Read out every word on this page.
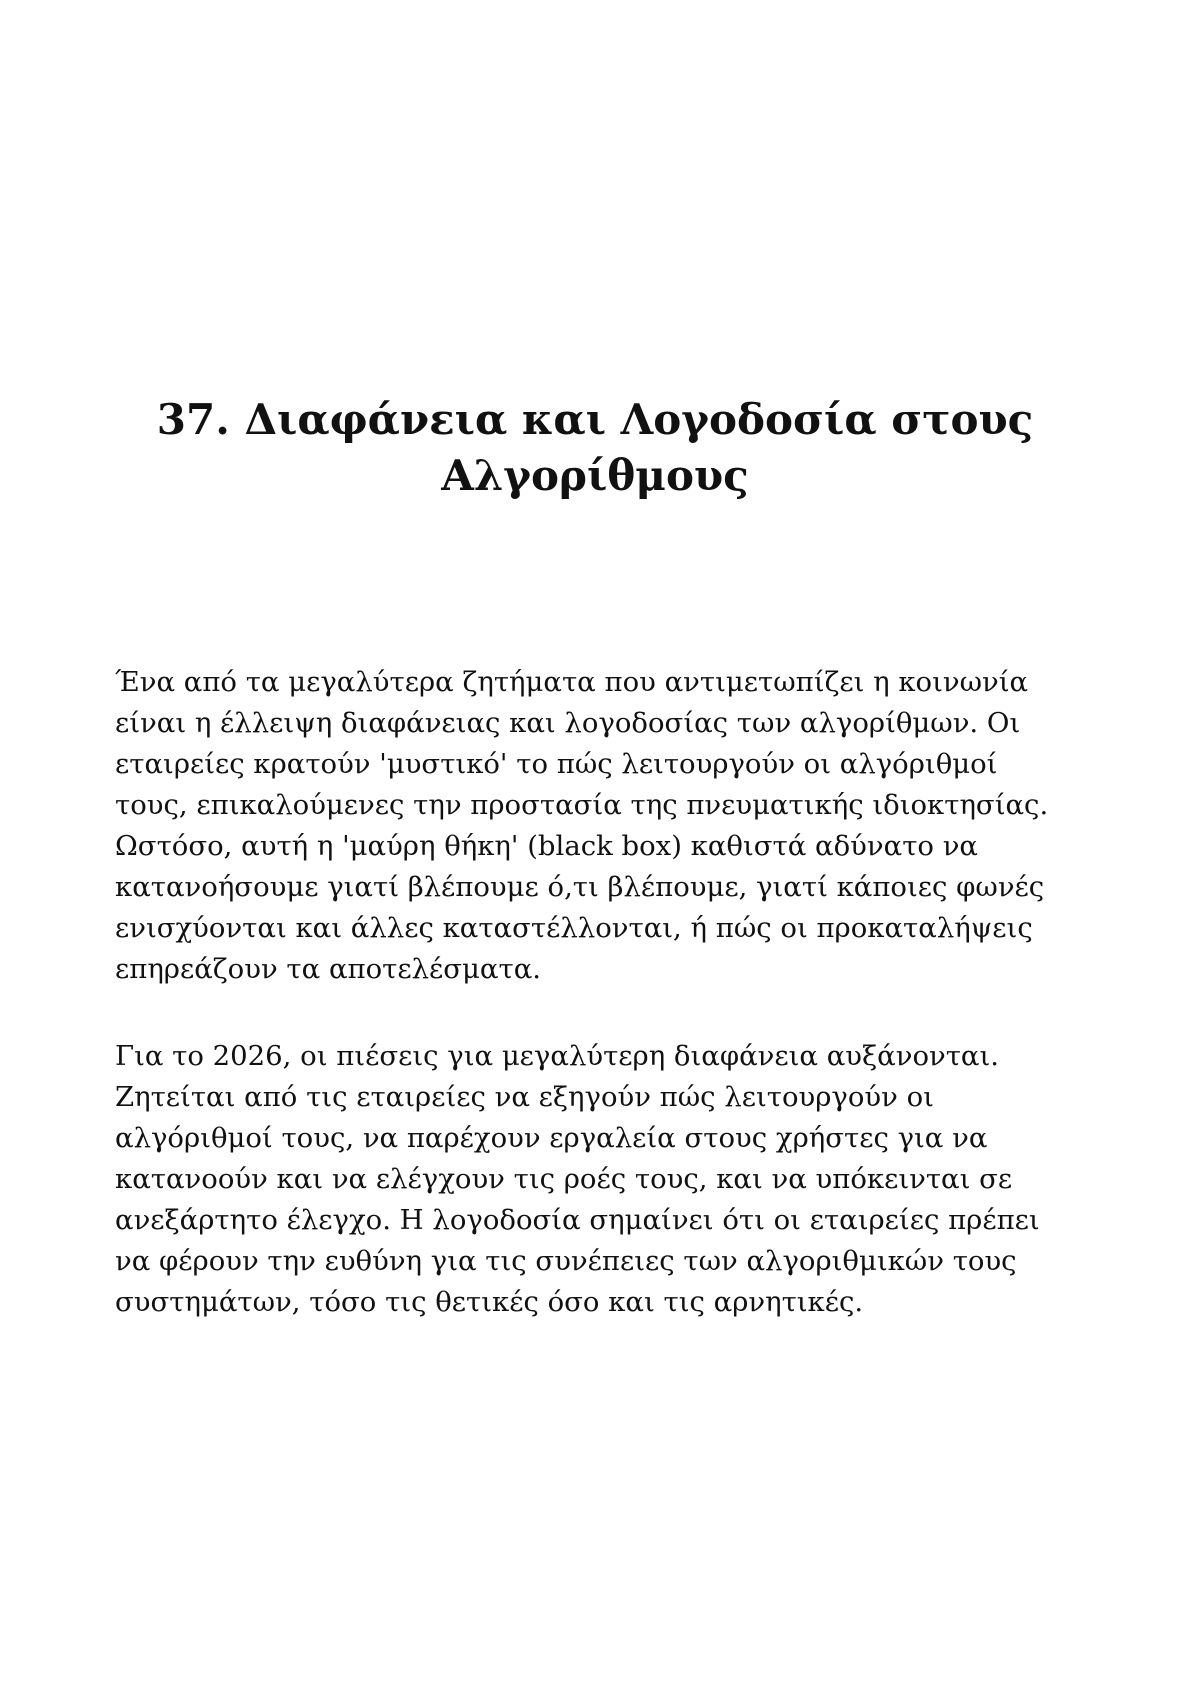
37. Διαφάνεια και Λογοδοσία στους Αλγορίθμους

Ένα από τα μεγαλύτερα ζητήματα που αντιμετωπίζει η κοινωνία είναι η έλλειψη διαφάνειας και λογοδοσίας των αλγορίθμων. Οι εταιρείες κρατούν 'μυστικό' το πώς λειτουργούν οι αλγόριθμοί τους, επικαλούμενες την προστασία της πνευματικής ιδιοκτησίας. Ωστόσο, αυτή η 'μαύρη θήκη' (black box) καθιστά αδύνατο να κατανοήσουμε γιατί βλέπουμε ό,τι βλέπουμε, γιατί κάποιες φωνές ενισχύονται και άλλες καταστέλλονται, ή πώς οι προκαταλήψεις επηρεάζουν τα αποτελέσματα.

Για το 2026, οι πιέσεις για μεγαλύτερη διαφάνεια αυξάνονται. Ζητείται από τις εταιρείες να εξηγούν πώς λειτουργούν οι αλγόριθμοί τους, να παρέχουν εργαλεία στους χρήστες για να κατανοούν και να ελέγχουν τις ροές τους, και να υπόκεινται σε ανεξάρτητο έλεγχο. Η λογοδοσία σημαίνει ότι οι εταιρείες πρέπει να φέρουν την ευθύνη για τις συνέπειες των αλγοριθμικών τους συστημάτων, τόσο τις θετικές όσο και τις αρνητικές.
